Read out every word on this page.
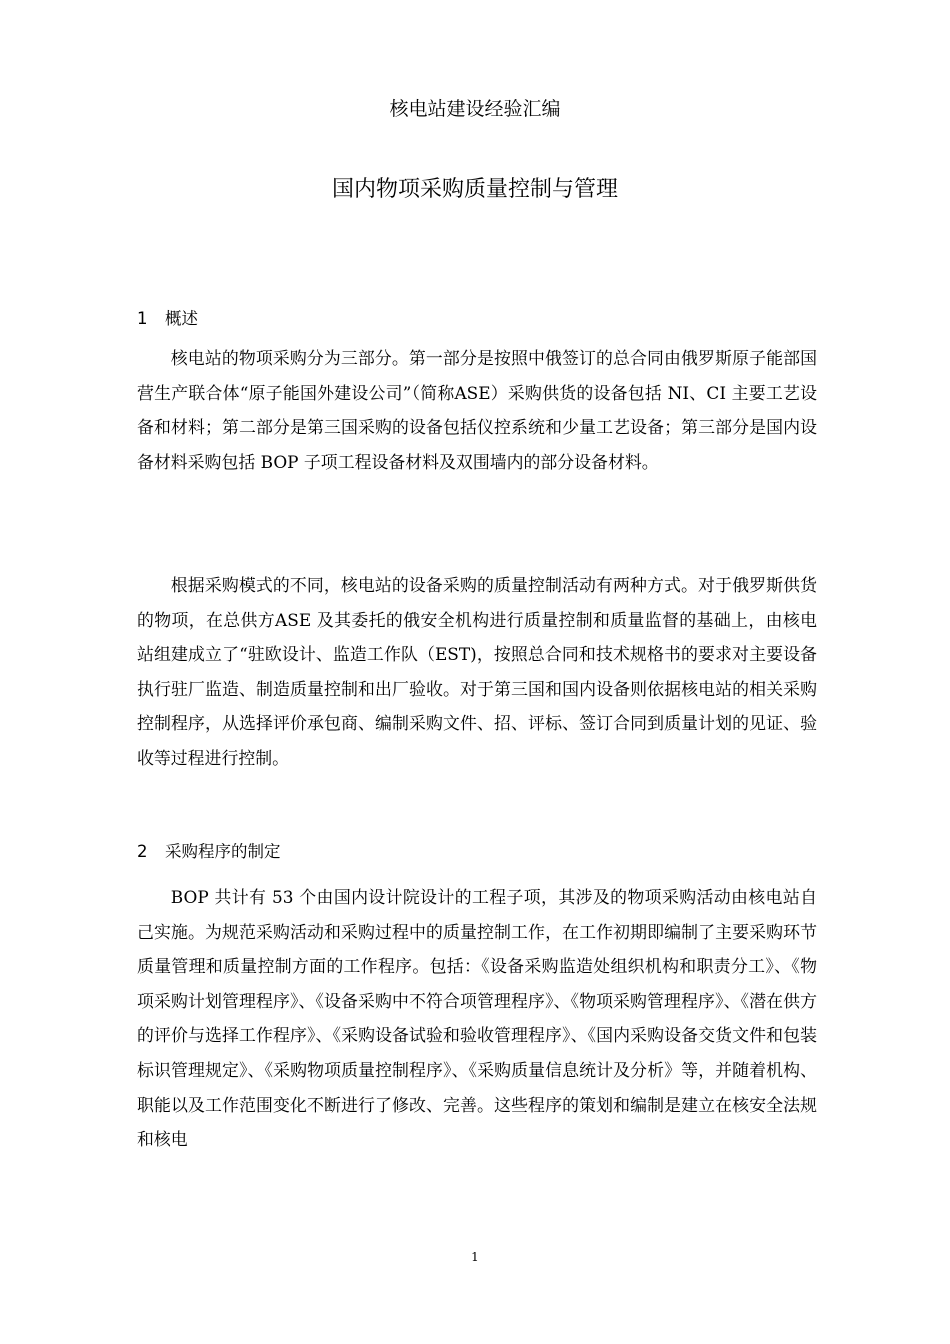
核电站建设经验汇编
国内物项采购质量控制与管理
1 概述

核电站的物项采购分为三部分。第一部分是按照中俄签订的总合同由俄罗斯原子能部国营生产联合体“原子能国外建设公司”（简称ASE）采购供货的设备包括 NI、CI 主要工艺设备和材料；第二部分是第三国采购的设备包括仪控系统和少量工艺设备；第三部分是国内设备材料采购包括 BOP 子项工程设备材料及双围墙内的部分设备材料。

根据采购模式的不同，核电站的设备采购的质量控制活动有两种方式。对于俄罗斯供货的物项，在总供方ASE 及其委托的俄安全机构进行质量控制和质量监督的基础上，由核电站组建成立了“驻欧设计、监造工作队（EST)，按照总合同和技术规格书的要求对主要设备执行驻厂监造、制造质量控制和出厂验收。对于第三国和国内设备则依据核电站的相关采购控制程序，从选择评价承包商、编制采购文件、招、评标、签订合同到质量计划的见证、验收等过程进行控制。

2 采购程序的制定

BOP 共计有 53 个由国内设计院设计的工程子项，其涉及的物项采购活动由核电站自己实施。为规范采购活动和采购过程中的质量控制工作，在工作初期即编制了主要采购环节质量管理和质量控制方面的工作程序。包括：《设备采购监造处组织机构和职责分工》、《物项采购计划管理程序》、《设备采购中不符合项管理程序》、《物项采购管理程序》、《潜在供方的评价与选择工作程序》、《采购设备试验和验收管理程序》、《国内采购设备交货文件和包装标识管理规定》、《采购物项质量控制程序》、《采购质量信息统计及分析》等，并随着机构、职能以及工作范围变化不断进行了修改、完善。这些程序的策划和编制是建立在核安全法规和核电

1
